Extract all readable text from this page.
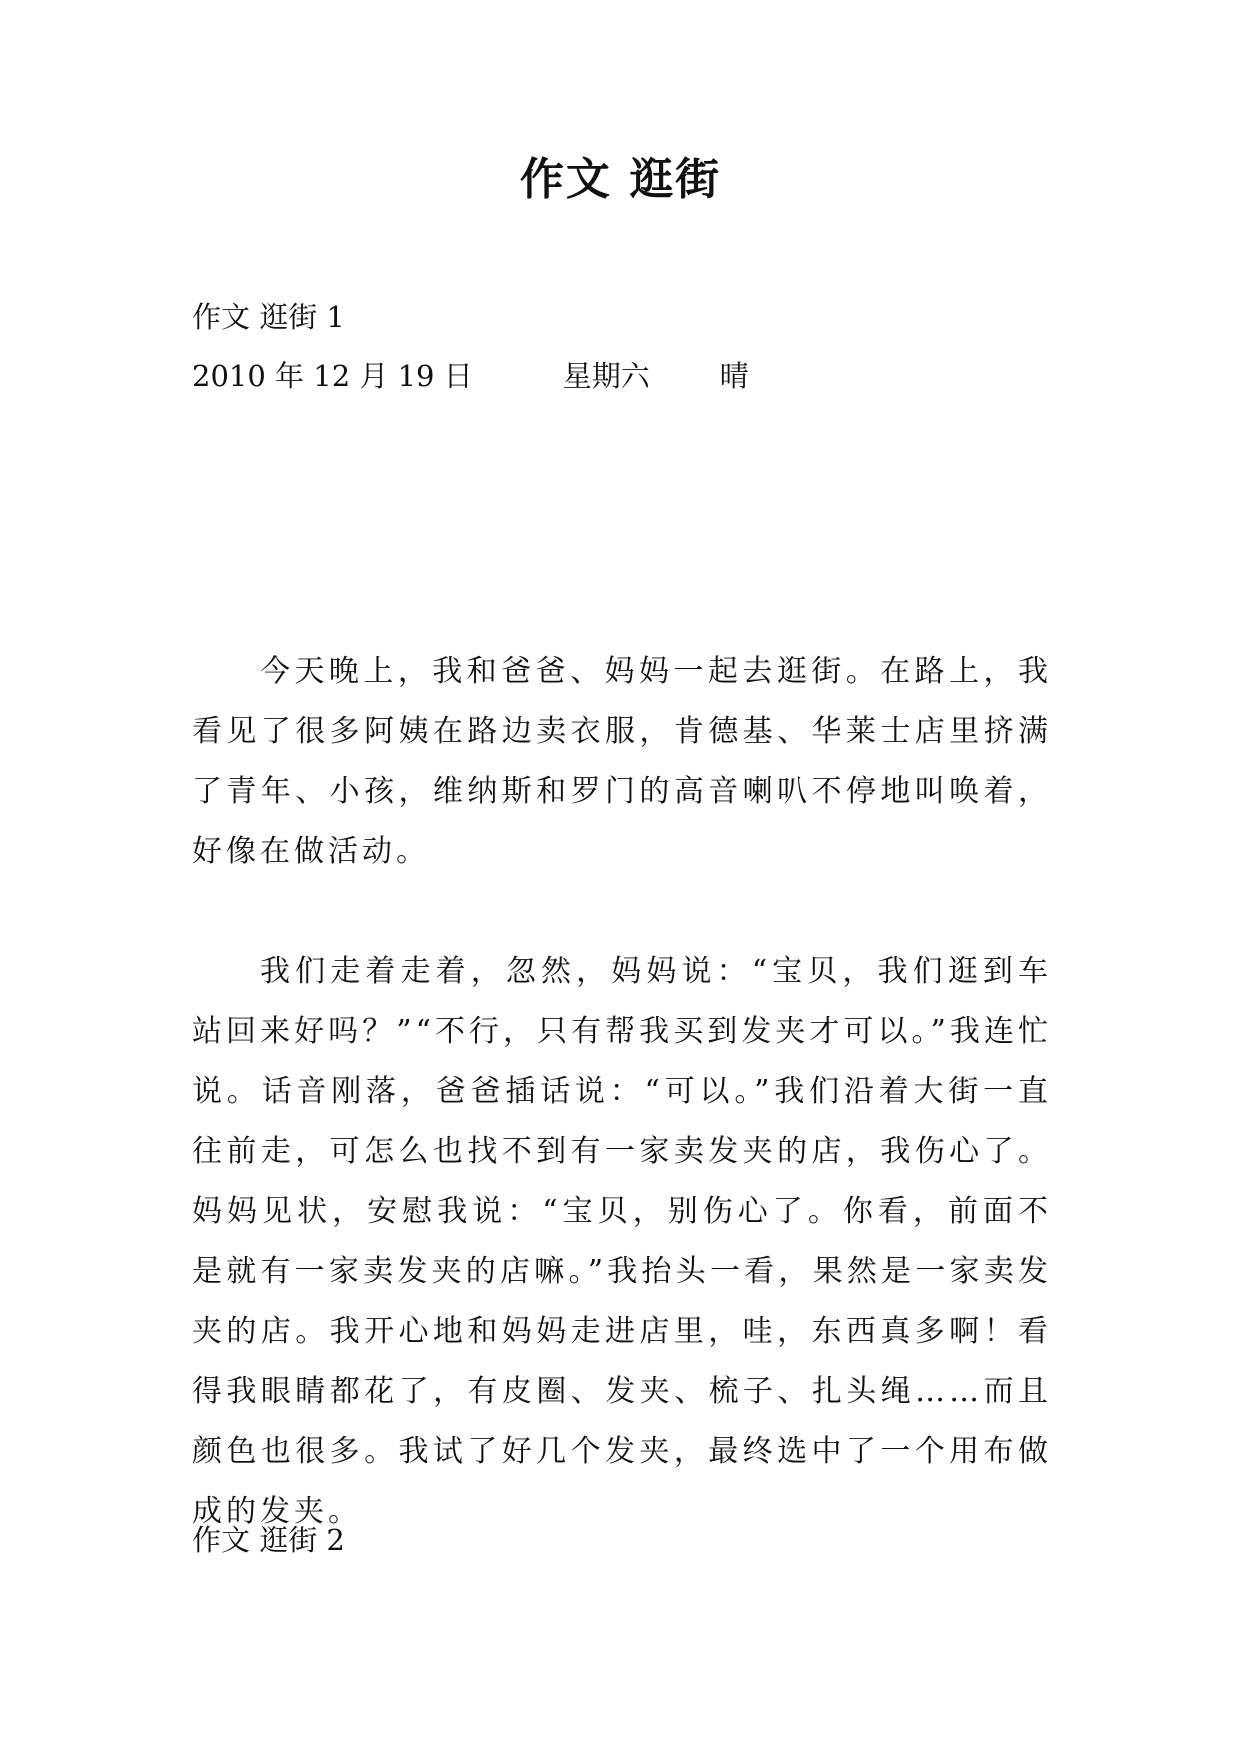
作文 逛街
作文 逛街 1
2010 年 12 月 19 日	星期六 晴

今天晚上，我和爸爸、妈妈一起去逛街。在路上，我看见了很多阿姨在路边卖衣服，肯德基、华莱士店里挤满了青年、小孩，维纳斯和罗门的高音喇叭不停地叫唤着，好像在做活动。

我们走着走着，忽然，妈妈说：“宝贝，我们逛到车站回来好吗？”“不行，只有帮我买到发夹才可以。”我连忙说。话音刚落，爸爸插话说：“可以。”我们沿着大街一直往前走，可怎么也找不到有一家卖发夹的店，我伤心了。妈妈见状，安慰我说：“宝贝，别伤心了。你看，前面不是就有一家卖发夹的店嘛。”我抬头一看，果然是一家卖发夹的店。我开心地和妈妈走进店里，哇，东西真多啊！看得我眼睛都花了，有皮圈、发夹、梳子、扎头绳……而且颜色也很多。我试了好几个发夹，最终选中了一个用布做成的发夹。

作文 逛街 2
